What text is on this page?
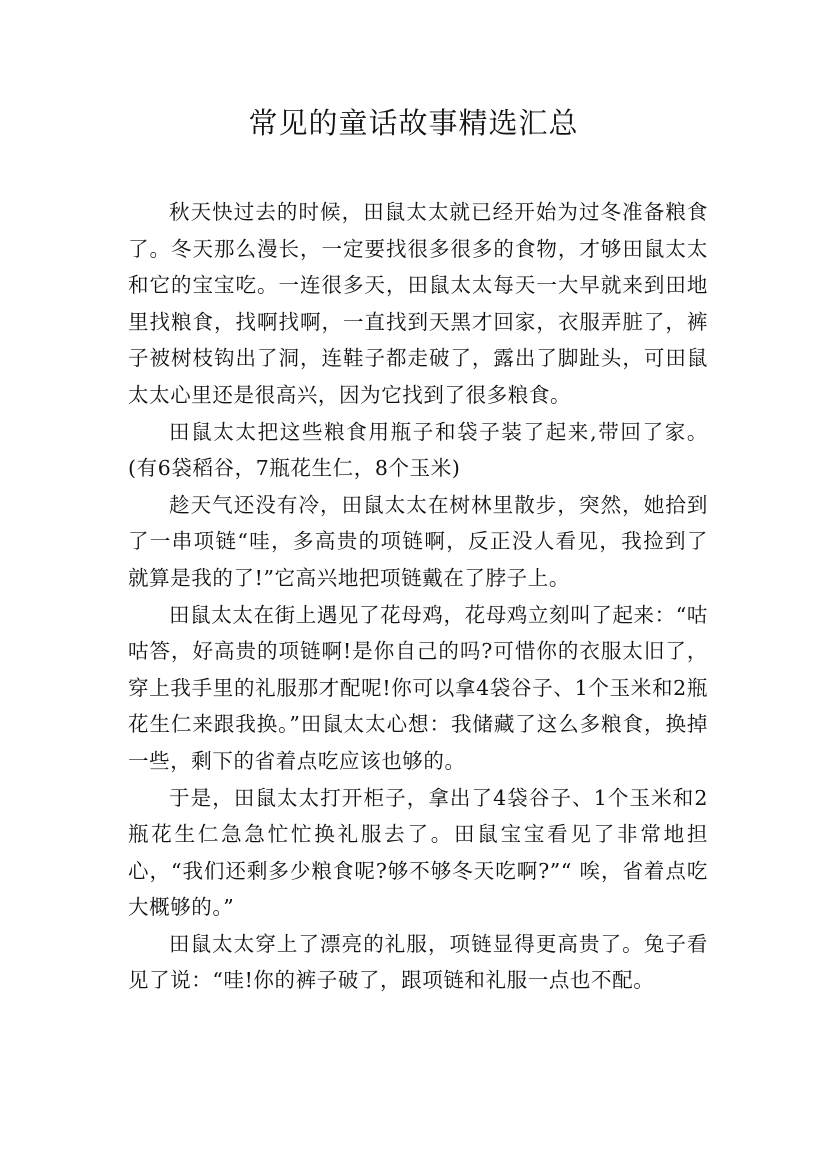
常见的童话故事精选汇总

秋天快过去的时候，田鼠太太就已经开始为过冬准备粮食了。冬天那么漫长，一定要找很多很多的食物，才够田鼠太太和它的宝宝吃。一连很多天，田鼠太太每天一大早就来到田地里找粮食，找啊找啊，一直找到天黑才回家，衣服弄脏了，裤子被树枝钩出了洞，连鞋子都走破了，露出了脚趾头，可田鼠太太心里还是很高兴，因为它找到了很多粮食。

田鼠太太把这些粮食用瓶子和袋子装了起来,带回了家。(有6袋稻谷，7瓶花生仁，8个玉米)

趁天气还没有冷，田鼠太太在树林里散步，突然，她拾到了一串项链“哇，多高贵的项链啊，反正没人看见，我捡到了就算是我的了!”它高兴地把项链戴在了脖子上。

田鼠太太在街上遇见了花母鸡，花母鸡立刻叫了起来：“咕咕答，好高贵的项链啊!是你自己的吗?可惜你的衣服太旧了，穿上我手里的礼服那才配呢!你可以拿4袋谷子、1个玉米和2瓶花生仁来跟我换。”田鼠太太心想：我储藏了这么多粮食，换掉一些，剩下的省着点吃应该也够的。

于是，田鼠太太打开柜子，拿出了4袋谷子、1个玉米和2瓶花生仁急急忙忙换礼服去了。田鼠宝宝看见了非常地担心，“我们还剩多少粮食呢?够不够冬天吃啊?”“ 唉，省着点吃大概够的。”

田鼠太太穿上了漂亮的礼服，项链显得更高贵了。兔子看见了说：“哇!你的裤子破了，跟项链和礼服一点也不配。
